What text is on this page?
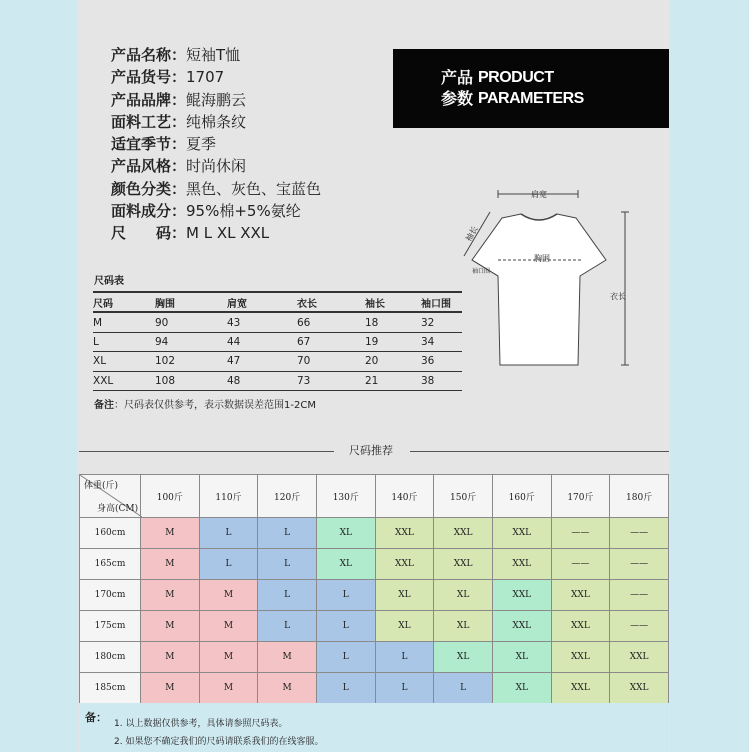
产品名称：短袖T恤
产品货号：1707
产品品牌：鲲海鹏云
面料工艺：纯棉条纹
适宜季节：夏季
产品风格：时尚休闲
颜色分类：黑色、灰色、宝蓝色
面料成分：95%棉+5%氨纶
尺　　码：M L XL XXL
产品
参数
PRODUCT
PARAMETERS
尺码表
尺码	胸围	肩宽	衣长	袖长	袖口围
M	90	43	66	18	32
L	94	44	67	19	34
XL	102	47	70	20	36
XXL	108	48	73	21	38
备注：尺码表仅供参考，表示数据误差范围1-2CM
肩宽
袖长
胸围
袖口围
衣长
尺码推荐
体重(斤)
身高(CM)	100斤	110斤	120斤	130斤	140斤	150斤	160斤	170斤	180斤
160cm	M	L	L	XL	XXL	XXL	XXL	——	——
165cm	M	L	L	XL	XXL	XXL	XXL	——	——
170cm	M	M	L	L	XL	XL	XXL	XXL	——
175cm	M	M	L	L	XL	XL	XXL	XXL	——
180cm	M	M	M	L	L	XL	XL	XXL	XXL
185cm	M	M	M	L	L	L	XL	XXL	XXL
备： 1. 以上数据仅供参考，具体请参照尺码表。
2. 如果您不确定我们的尺码请联系我们的在线客服。
